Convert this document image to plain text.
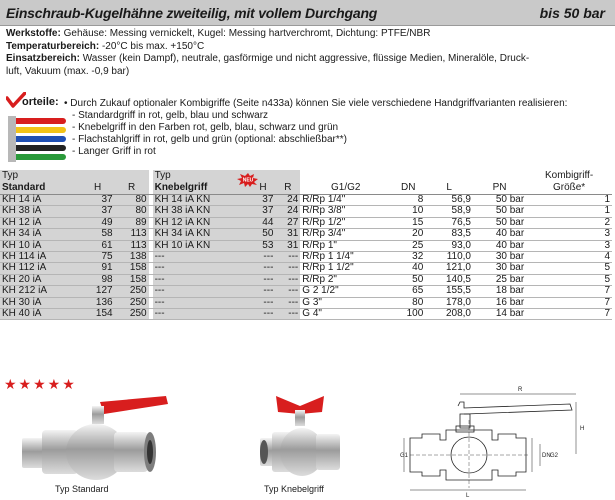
Einschraub-Kugelhähne zweiteilig, mit vollem Durchgang	bis 50 bar
Werkstoffe: Gehäuse: Messing vernickelt, Kugel: Messing hartverchromt, Dichtung: PTFE/NBR
Temperaturbereich: -20°C bis max. +150°C
Einsatzbereich: Wasser (kein Dampf), neutrale, gasförmige und nicht aggressive, flüssige Medien, Mineralöle, Druck-
luft, Vakuum (max. -0,9 bar)
orteile: • Durch Zukauf optionaler Kombigriffe (Seite n433a) können Sie viele verschiedene Handgriffvarianten realisieren:
- Standardgriff in rot, gelb, blau und schwarz
- Knebelgriff in den Farben rot, gelb, blau, schwarz und grün
- Flachstahlgriff in rot, gelb und grün (optional: abschließbar**)
- Langer Griff in rot
Typ				Typ	NEU						Kombigriff-
Standard	H	R		Knebelgriff	H	R	G1/G2	DN	L	PN	Größe*
KH 14 iA	37	80		KH 14 iA KN	37	24	R/Rp 1/4"	8	56,9	50 bar	1
KH 38 iA	37	80		KH 38 iA KN	37	24	R/Rp 3/8"	10	58,9	50 bar	1
KH 12 iA	49	89		KH 12 iA KN	44	27	R/Rp 1/2"	15	76,5	50 bar	2
KH 34 iA	58	113		KH 34 iA KN	50	31	R/Rp 3/4"	20	83,5	40 bar	3
KH 10 iA	61	113		KH 10 iA KN	53	31	R/Rp 1"	25	93,0	40 bar	3
KH 114 iA	75	138		---	---	---	R/Rp 1 1/4"	32	110,0	30 bar	4
KH 112 iA	91	158		---	---	---	R/Rp 1 1/2"	40	121,0	30 bar	5
KH 20 iA	98	158		---	---	---	R/Rp 2"	50	140,5	25 bar	5
KH 212 iA	127	250		---	---	---	G 2 1/2"	65	155,5	18 bar	7
KH 30 iA	136	250		---	---	---	G 3"	80	178,0	16 bar	7
KH 40 iA	154	250		---	---	---	G 4"	100	208,0	14 bar	7
★★★★★
Typ Standard	Typ Knebelgriff
R
H
G1	DN G2
L
